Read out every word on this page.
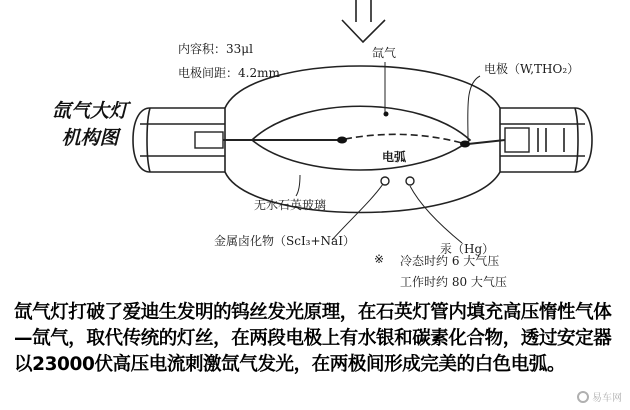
氙气大灯
机构图
内容积：33μl
电极间距：4.2mm
氙气
电极（W,THO₂）
电弧
无水石英玻璃
汞（Hg）
金属卤化物（ScI₃+NaI）
※ 冷态时约 6 大气压
工作时约 80 大气压
氙气灯打破了爱迪生发明的钨丝发光原理，在石英灯管内填充高压惰性气体—氙气，取代传统的灯丝，在两段电极上有水银和碳素化合物，透过安定器以23000伏高压电流刺激氙气发光，在两极间形成完美的白色电弧。
易车网
